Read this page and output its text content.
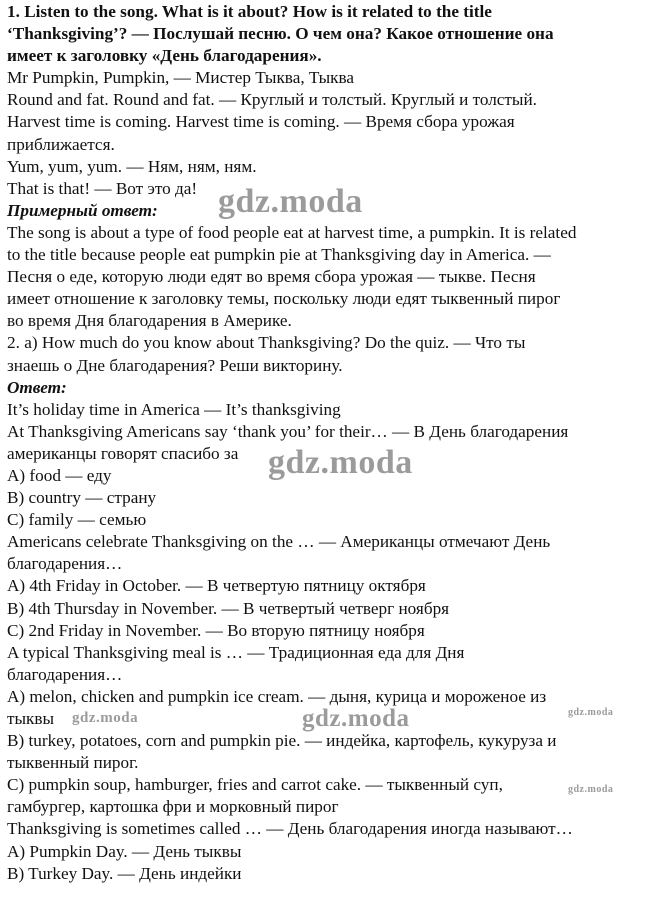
1. Listen to the song. What is it about? How is it related to the title
‘Thanksgiving’? — Послушай песню. О чем она? Какое отношение она
имеет к заголовку «День благодарения».
Mr Pumpkin, Pumpkin, — Мистер Тыква, Тыква
Round and fat. Round and fat. — Круглый и толстый. Круглый и толстый.
Harvest time is coming. Harvest time is coming. — Время сбора урожая
приближается.
Yum, yum, yum. — Ням, ням, ням.
That is that! — Вот это да!
Примерный ответ:
The song is about a type of food people eat at harvest time, a pumpkin. It is related
to the title because people eat pumpkin pie at Thanksgiving day in America. —
Песня о еде, которую люди едят во время сбора урожая — тыкве. Песня
имеет отношение к заголовку темы, поскольку люди едят тыквенный пирог
во время Дня благодарения в Америке.
2. a) How much do you know about Thanksgiving? Do the quiz. — Что ты
знаешь о Дне благодарения? Реши викторину.
Ответ:
It’s holiday time in America — It’s thanksgiving
At Thanksgiving Americans say ‘thank you’ for their… — В День благодарения
американцы говорят спасибо за
A) food — еду
B) country — страну
C) family — семью
Americans celebrate Thanksgiving on the … — Американцы отмечают День
благодарения…
A) 4th Friday in October. — В четвертую пятницу октября
B) 4th Thursday in November. — В четвертый четверг ноября
C) 2nd Friday in November. — Во вторую пятницу ноября
A typical Thanksgiving meal is … — Традиционная еда для Дня
благодарения…
A) melon, chicken and pumpkin ice cream. — дыня, курица и мороженое из
тыквы
B) turkey, potatoes, corn and pumpkin pie. — индейка, картофель, кукуруза и
тыквенный пирог.
C) pumpkin soup, hamburger, fries and carrot cake. — тыквенный суп,
гамбургер, картошка фри и морковный пирог
Thanksgiving is sometimes called … — День благодарения иногда называют…
A) Pumpkin Day. — День тыквы
B) Turkey Day. — День индейки
gdz.moda
gdz.moda
gdz.moda
gdz.moda	gdz.moda
gdz.moda
